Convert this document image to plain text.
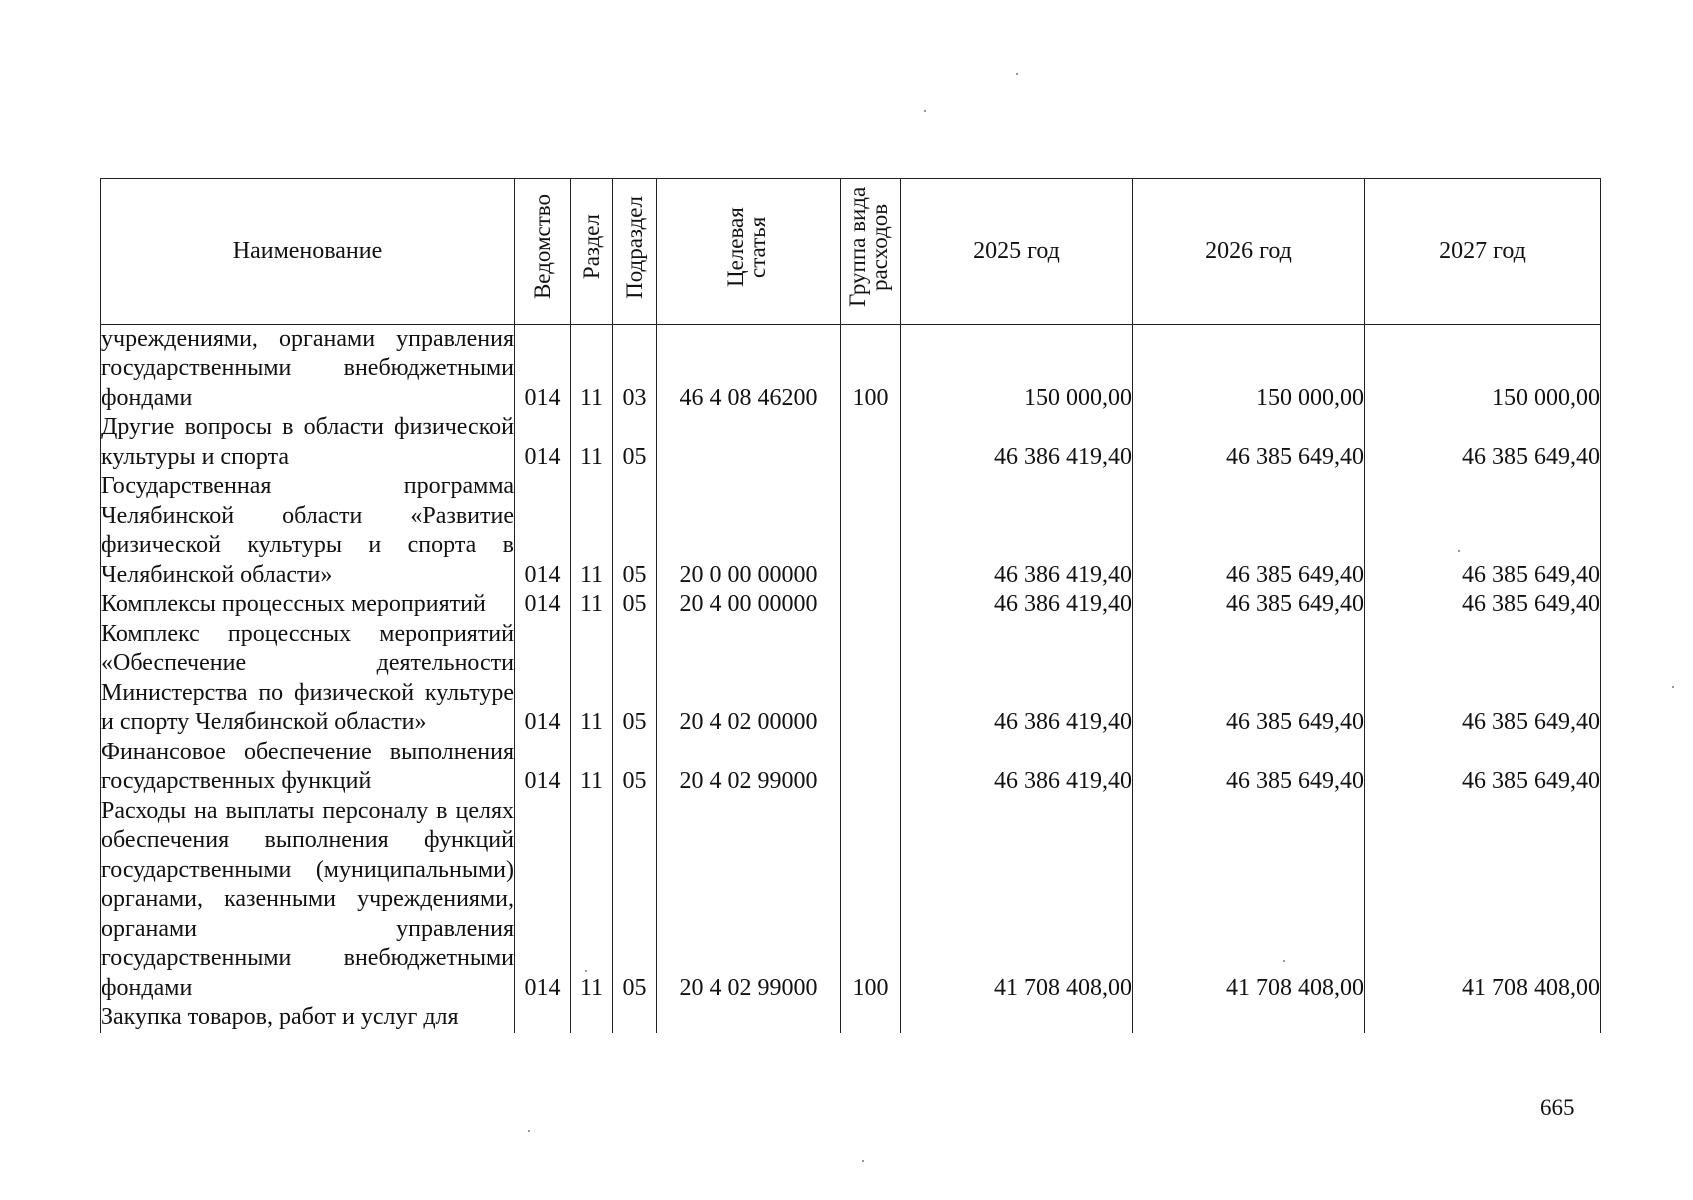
Наименование	Ведомство	Раздел	Подраздел	Целевая статья	Группа вида расходов	2025 год	2026 год	2027 год
учреждениями, органами управления государственными внебюджетными фондами	014	11	03	46 4 08 46200	100	150 000,00	150 000,00	150 000,00
Другие вопросы в области физической культуры и спорта	014	11	05			46 386 419,40	46 385 649,40	46 385 649,40
Государственная программа Челябинской области «Развитие физической культуры и спорта в Челябинской области»	014	11	05	20 0 00 00000		46 386 419,40	46 385 649,40	46 385 649,40
Комплексы процессных мероприятий	014	11	05	20 4 00 00000		46 386 419,40	46 385 649,40	46 385 649,40
Комплекс процессных мероприятий «Обеспечение деятельности Министерства по физической культуре и спорту Челябинской области»	014	11	05	20 4 02 00000		46 386 419,40	46 385 649,40	46 385 649,40
Финансовое обеспечение выполнения государственных функций	014	11	05	20 4 02 99000		46 386 419,40	46 385 649,40	46 385 649,40
Расходы на выплаты персоналу в целях обеспечения выполнения функций государственными (муниципальными) органами, казенными учреждениями, органами управления государственными внебюджетными фондами	014	11	05	20 4 02 99000	100	41 708 408,00	41 708 408,00	41 708 408,00
Закупка товаров, работ и услуг для								
665
